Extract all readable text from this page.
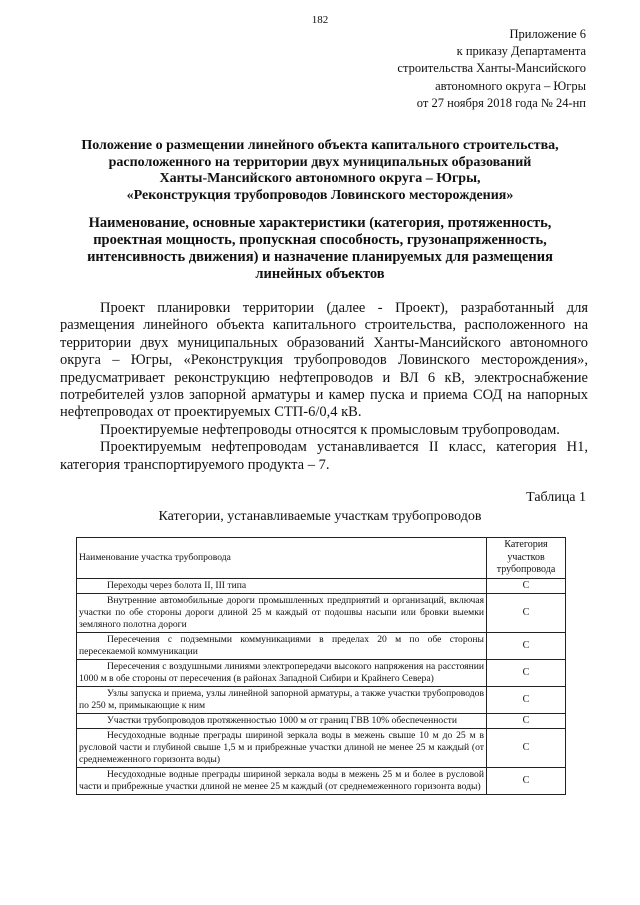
182
Приложение 6
к приказу Департамента
строительства Ханты-Мансийского
автономного округа – Югры
от 27 ноября 2018 года № 24-нп
Положение о размещении линейного объекта капитального строительства,
расположенного на территории двух муниципальных образований
Ханты-Мансийского автономного округа – Югры,
«Реконструкция трубопроводов Ловинского месторождения»
Наименование, основные характеристики (категория, протяженность,
проектная мощность, пропускная способность, грузонапряженность,
интенсивность движения) и назначение планируемых для размещения
линейных объектов

Проект планировки территории (далее - Проект), разработанный для размещения линейного объекта капитального строительства, расположенного на территории двух муниципальных образований Ханты-Мансийского автономного округа – Югры, «Реконструкция трубопроводов Ловинского месторождения», предусматривает реконструкцию нефтепроводов и ВЛ 6 кВ, электроснабжение потребителей узлов запорной арматуры и камер пуска и приема СОД на напорных нефтепроводах от проектируемых СТП-6/0,4 кВ.

Проектируемые нефтепроводы относятся к промысловым трубопроводам.

Проектируемым нефтепроводам устанавливается II класс, категория Н1, категория транспортируемого продукта – 7.

Таблица 1
Категории, устанавливаемые участкам трубопроводов
Наименование участка трубопровода	Категория участков трубопровода
Переходы через болота II, III типа	С
Внутренние автомобильные дороги промышленных предприятий и организаций, включая участки по обе стороны дороги длиной 25 м каждый от подошвы насыпи или бровки выемки земляного полотна дороги	С
Пересечения с подземными коммуникациями в пределах 20 м по обе стороны пересекаемой коммуникации	С
Пересечения с воздушными линиями электропередачи высокого напряжения на расстоянии 1000 м в обе стороны от пересечения (в районах Западной Сибири и Крайнего Севера)	С
Узлы запуска и приема, узлы линейной запорной арматуры, а также участки трубопроводов по 250 м, примыкающие к ним	С
Участки трубопроводов протяженностью 1000 м от границ ГВВ 10% обеспеченности	С
Несудоходные водные преграды шириной зеркала воды в межень свыше 10 м до 25 м в русловой части и глубиной свыше 1,5 м и прибрежные участки длиной не менее 25 м каждый (от среднемеженного горизонта воды)	С
Несудоходные водные преграды шириной зеркала воды в межень 25 м и более в русловой части и прибрежные участки длиной не менее 25 м каждый (от среднемеженного горизонта воды)	С
